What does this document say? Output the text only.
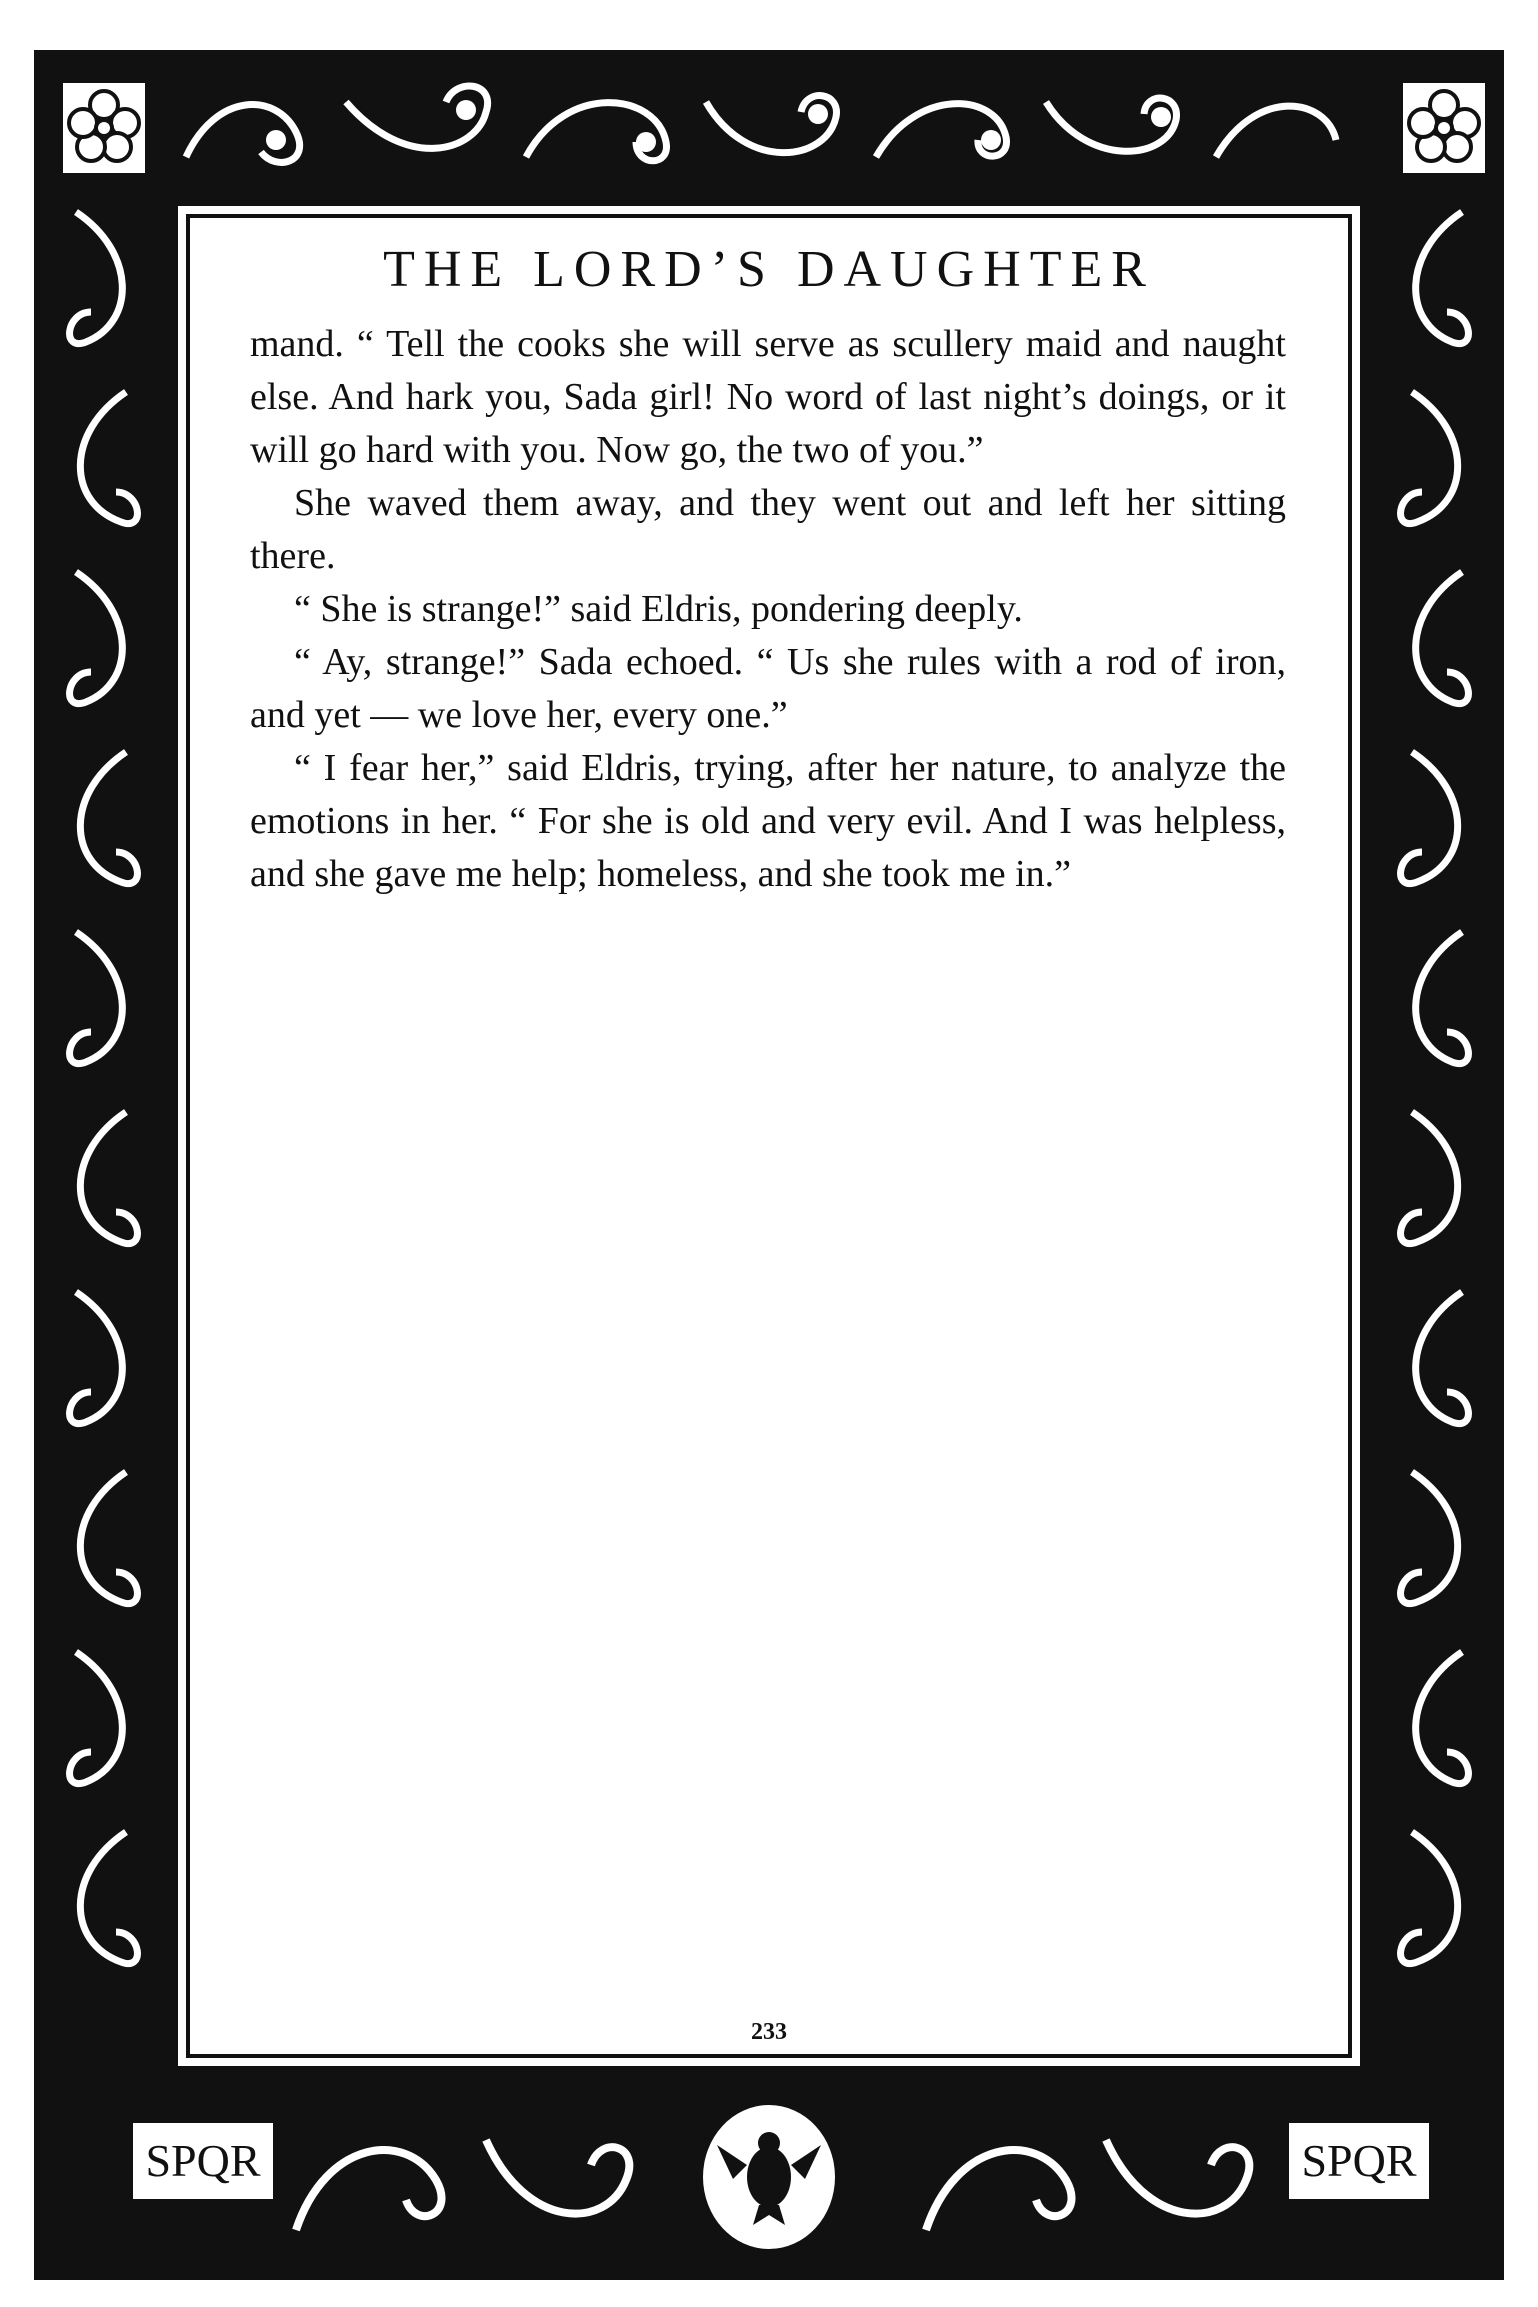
SPQR	SPQR
THE LORD’S DAUGHTER

mand. “ Tell the cooks she will serve as scullery maid and naught else. And hark you, Sada girl! No word of last night’s doings, or it will go hard with you. Now go, the two of you.”

She waved them away, and they went out and left her sitting there.

“ She is strange!” said Eldris, pondering deeply.

“ Ay, strange!” Sada echoed. “ Us she rules with a rod of iron, and yet — we love her, every one.”

“ I fear her,” said Eldris, trying, after her nature, to analyze the emotions in her. “ For she is old and very evil. And I was helpless, and she gave me help; homeless, and she took me in.”

233
